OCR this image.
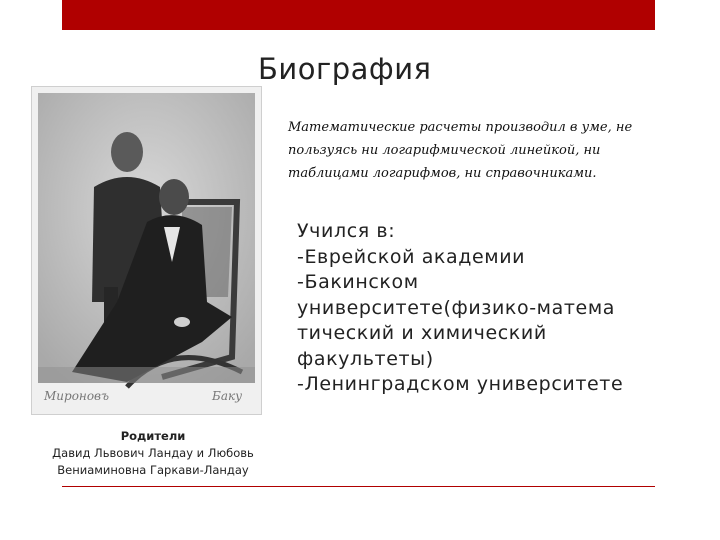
Биография
Мироновъ	Баку
Математические расчеты производил в уме, не
пользуясь ни логарифмической линейкой, ни
таблицами логарифмов, ни справочниками.
Учился в:
-Еврейской академии
-Бакинском
университете(физико-матема
тический и химический
факультеты)
-Ленинградском университете
Родители
Давид Львович Ландау и Любовь
Вениаминовна Гаркави-Ландау
